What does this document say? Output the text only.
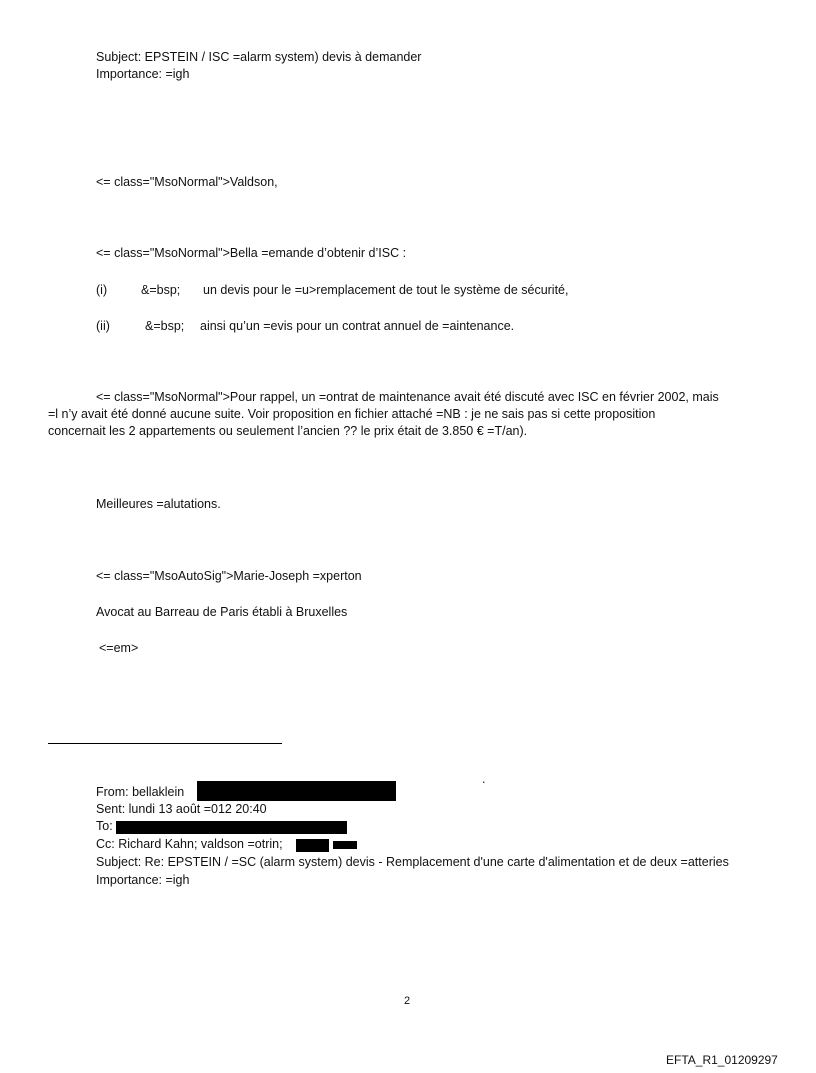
Subject: EPSTEIN / ISC =alarm system) devis à demander
Importance: =igh
<= class="MsoNormal">Valdson,
<= class="MsoNormal">Bella =emande d’obtenir d’ISC :
(i)	&=bsp; un devis pour le =u>remplacement de tout le système de sécurité,
(ii)	&=bsp; ainsi qu’un =evis pour un contrat annuel de =aintenance.
<= class="MsoNormal">Pour rappel, un =ontrat de maintenance avait été discuté avec ISC en février 2002, mais
=l n’y avait été donné aucune suite. Voir proposition en fichier attaché =NB : je ne sais pas si cette proposition
concernait les 2 appartements ou seulement l’ancien ?? le prix était de 3.850 € =T/an).
Meilleures =alutations.
<= class="MsoAutoSig">Marie-Joseph =xperton
Avocat au Barreau de Paris établi à Bruxelles
<=em>
From: bellaklein
.
Sent: lundi 13 août =012 20:40
To:
Cc: Richard Kahn; valdson =otrin;
Subject: Re: EPSTEIN / =SC (alarm system) devis - Remplacement d'une carte d'alimentation et de deux =atteries
Importance: =igh
2
EFTA_R1_01209297
